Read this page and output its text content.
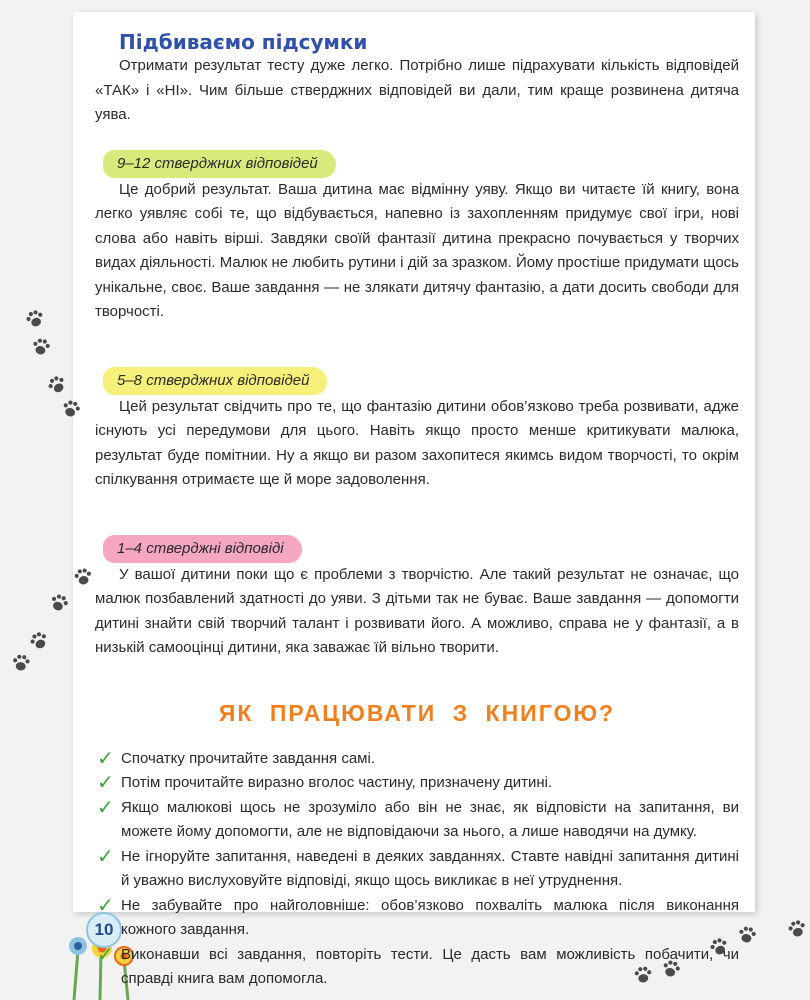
10
Підбиваємо підсумки

Отримати результат тесту дуже легко. Потрібно лише підрахувати кількість відповідей «ТАК» і «НІ». Чим більше стверджних відповідей ви дали, тим краще розвинена дитяча уява.

9–12 стверджних відповідей

Це добрий результат. Ваша дитина має відмінну уяву. Якщо ви читаєте їй книгу, вона легко уявляє собі те, що відбувається, напевно із захопленням придумує свої ігри, нові слова або навіть вірші. Завдяки своїй фантазії дитина прекрасно почувається у творчих видах діяльності. Малюк не любить рутини і дій за зразком. Йому простіше придумати щось унікальне, своє. Ваше завдання — не злякати дитячу фантазію, а дати досить свободи для творчості.

5–8 стверджних відповідей

Цей результат свідчить про те, що фантазію дитини обов’язково треба розвивати, адже існують усі передумови для цього. Навіть якщо просто менше критикувати малюка, результат буде помітнии. Ну а якщо ви разом захопитеся якимсь видом творчості, то окрім спілкування отримаєте ще й море задоволення.

1–4 стверджні відповіді

У вашої дитини поки що є проблеми з творчістю. Але такий результат не означає, що малюк позбавлений здатності до уяви. З дітьми так не буває. Ваше завдання — допомогти дитині знайти свій творчий талант і розвивати його. А можливо, справа не у фантазії, а в низькій самооцінці дитини, яка заважає їй вільно творити.

ЯК ПРАЦЮВАТИ З КНИГОЮ?
✓ Спочатку прочитайте завдання самі.
✓ Потім прочитайте виразно вголос частину, призначену дитині.
✓ Якщо малюкові щось не зрозуміло або він не знає, як відповісти на запитання, ви можете йому допомогти, але не відповідаючи за нього, а лише наводячи на думку.
✓ Не ігноруйте запитання, наведені в деяких завданнях. Ставте навідні запитання дитині й уважно вислуховуйте відповіді, якщо щось викликає в неї утруднення.
✓ Не забувайте про найголовніше: обов’язково похваліть малюка після виконання кожного завдання.
✓ Виконавши всі завдання, повторіть тести. Це дасть вам можливість побачити, чи справді книга вам допомогла.
